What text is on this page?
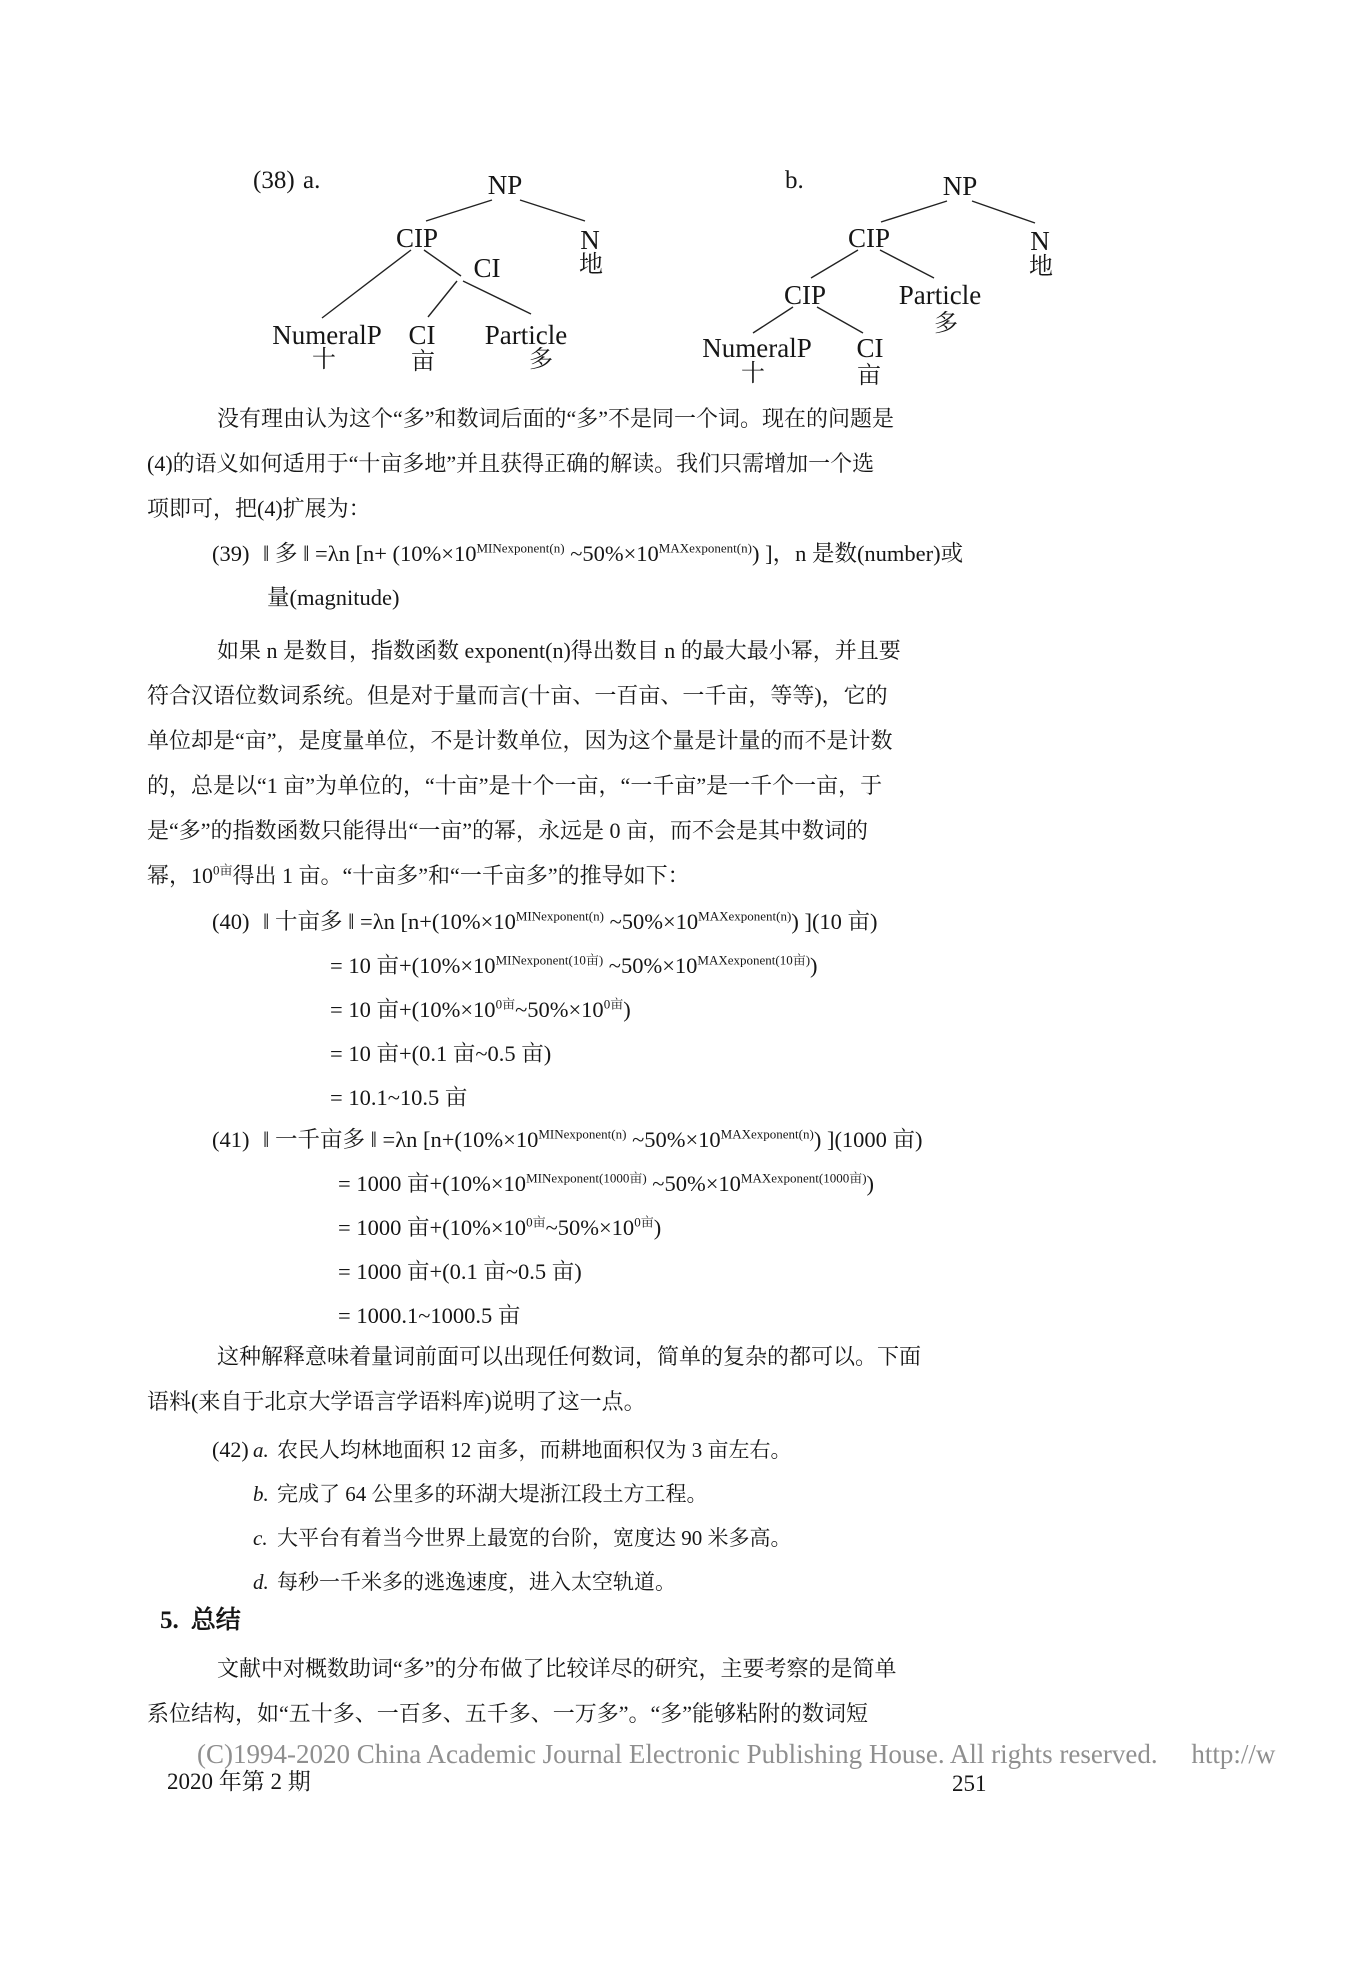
(38) a.	b.
NP
CIP	N
地
CI
NumeralP CI Particle
十	亩	多
NP
CIP	N
地
CIP	Particle
多
NumeralP CI
十	亩
没有理由认为这个“多”和数词后面的“多”不是同一个词。现在的问题是
(4)的语义如何适用于“十亩多地”并且获得正确的解读。我们只需增加一个选
项即可，把(4)扩展为：
(39) ‖ 多 ‖ =λn [$n+ (10\%\times 10^{MINexponent(n)}$ $\sim 50\%\times 10^{MAXexponent(n)}$) ]，n 是数(number)或
量(magnitude)
如果 n 是数目，指数函数 exponent(n)得出数目 n 的最大最小幂，并且要
符合汉语位数词系统。但是对于量而言(十亩、一百亩、一千亩，等等)，它的
单位却是“亩”，是度量单位，不是计数单位，因为这个量是计量的而不是计数
的，总是以“1 亩”为单位的，“十亩”是十个一亩，“一千亩”是一千个一亩，于
是“多”的指数函数只能得出“一亩”的幂，永远是 0 亩，而不会是其中数词的
幂，$10^{0亩}$得出 1 亩。“十亩多”和“一千亩多”的推导如下：
(40) ‖ 十亩多 ‖ =λn [$n+(10\%\times 10^{MINexponent(n)}$ $\sim 50\%\times 10^{MAXexponent(n)}$) ](10 亩)
= 10 亩$+(10\%\times 10^{MINexponent(10亩)}$ $\sim 50\%\times 10^{MAXexponent(10亩)}$)
= 10 亩$+(10\%\times 10^{0亩}\sim 50\%\times 10^{0亩})$
= 10 亩+(0.1 亩~0.5 亩)
= 10.1~10.5 亩
(41) ‖ 一千亩多 ‖ =λn [$n+(10\%\times 10^{MINexponent(n)}$ $\sim 50\%\times 10^{MAXexponent(n)}$) ](1000 亩)
= 1000 亩$+(10\%\times 10^{MINexponent(1000亩)}$ $\sim 50\%\times 10^{MAXexponent(1000亩)}$)
= 1000 亩$+(10\%\times 10^{0亩}\sim 50\%\times 10^{0亩})$
= 1000 亩+(0.1 亩~0.5 亩)
= 1000.1~1000.5 亩
这种解释意味着量词前面可以出现任何数词，简单的复杂的都可以。下面
语料(来自于北京大学语言学语料库)说明了这一点。
(42) a. 农民人均林地面积 12 亩多，而耕地面积仅为 3 亩左右。
b. 完成了 64 公里多的环湖大堤浙江段土方工程。
c. 大平台有着当今世界上最宽的台阶，宽度达 90 米多高。
d. 每秒一千米多的逃逸速度，进入太空轨道。
5. 总结
文献中对概数助词“多”的分布做了比较详尽的研究，主要考察的是简单
系位结构，如“五十多、一百多、五千多、一万多”。“多”能够粘附的数词短
(C)1994-2020 China Academic Journal Electronic Publishing House. All rights reserved.     http://w
2020 年第 2 期	251
